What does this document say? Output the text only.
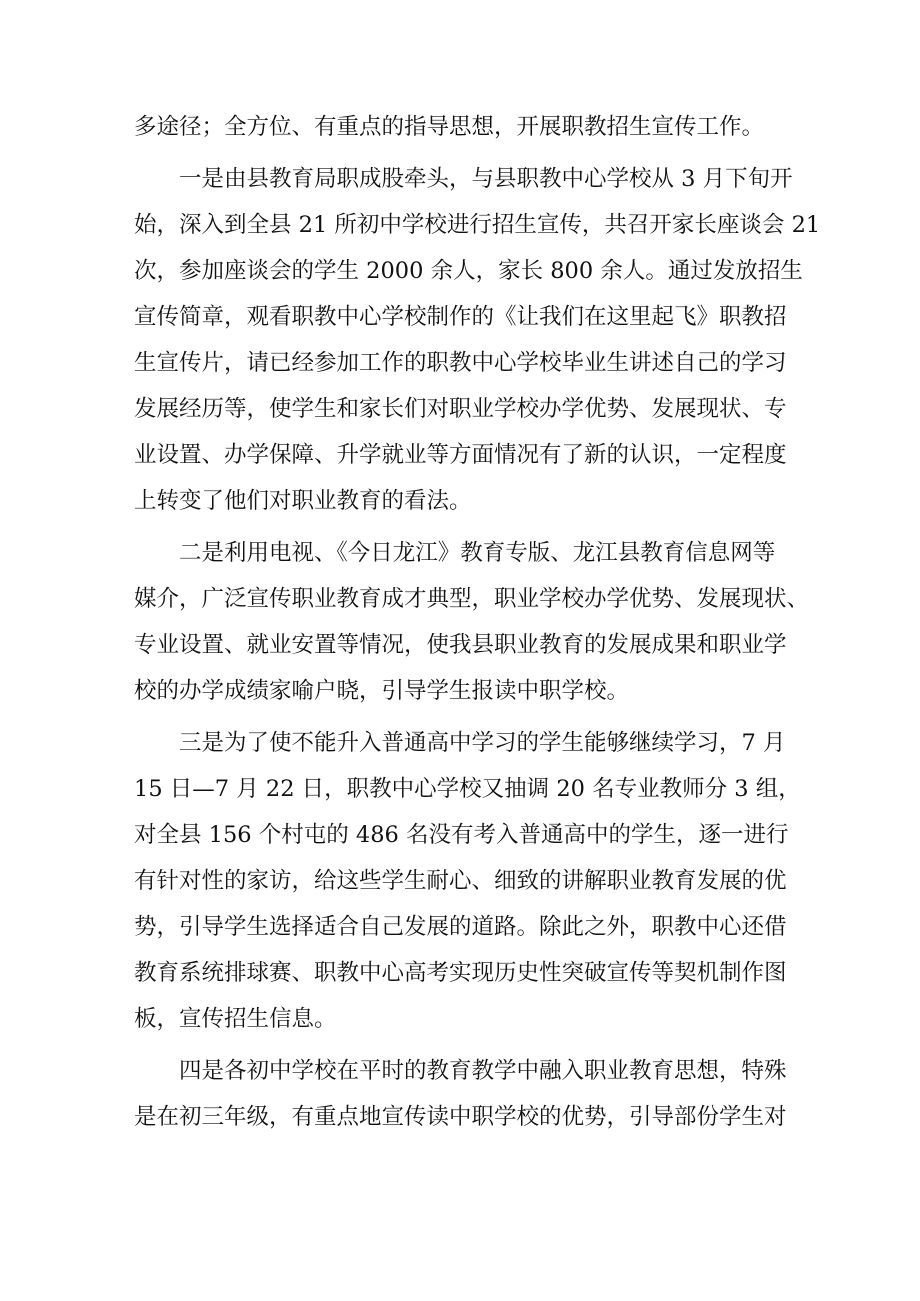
多途径；全方位、有重点的指导思想，开展职教招生宣传工作。
一是由县教育局职成股牵头，与县职教中心学校从 3 月下旬开
始，深入到全县 21 所初中学校进行招生宣传，共召开家长座谈会 21
次，参加座谈会的学生 2000 余人，家长 800 余人。通过发放招生
宣传简章，观看职教中心学校制作的《让我们在这里起飞》职教招
生宣传片，请已经参加工作的职教中心学校毕业生讲述自己的学习
发展经历等，使学生和家长们对职业学校办学优势、发展现状、专
业设置、办学保障、升学就业等方面情况有了新的认识，一定程度
上转变了他们对职业教育的看法。
二是利用电视、《今日龙江》教育专版、龙江县教育信息网等
媒介，广泛宣传职业教育成才典型，职业学校办学优势、发展现状、
专业设置、就业安置等情况，使我县职业教育的发展成果和职业学
校的办学成绩家喻户晓，引导学生报读中职学校。
三是为了使不能升入普通高中学习的学生能够继续学习，7 月
15 日—7 月 22 日，职教中心学校又抽调 20 名专业教师分 3 组，
对全县 156 个村屯的 486 名没有考入普通高中的学生，逐一进行
有针对性的家访，给这些学生耐心、细致的讲解职业教育发展的优
势，引导学生选择适合自己发展的道路。除此之外，职教中心还借
教育系统排球赛、职教中心高考实现历史性突破宣传等契机制作图
板，宣传招生信息。
四是各初中学校在平时的教育教学中融入职业教育思想，特殊
是在初三年级，有重点地宣传读中职学校的优势，引导部份学生对
